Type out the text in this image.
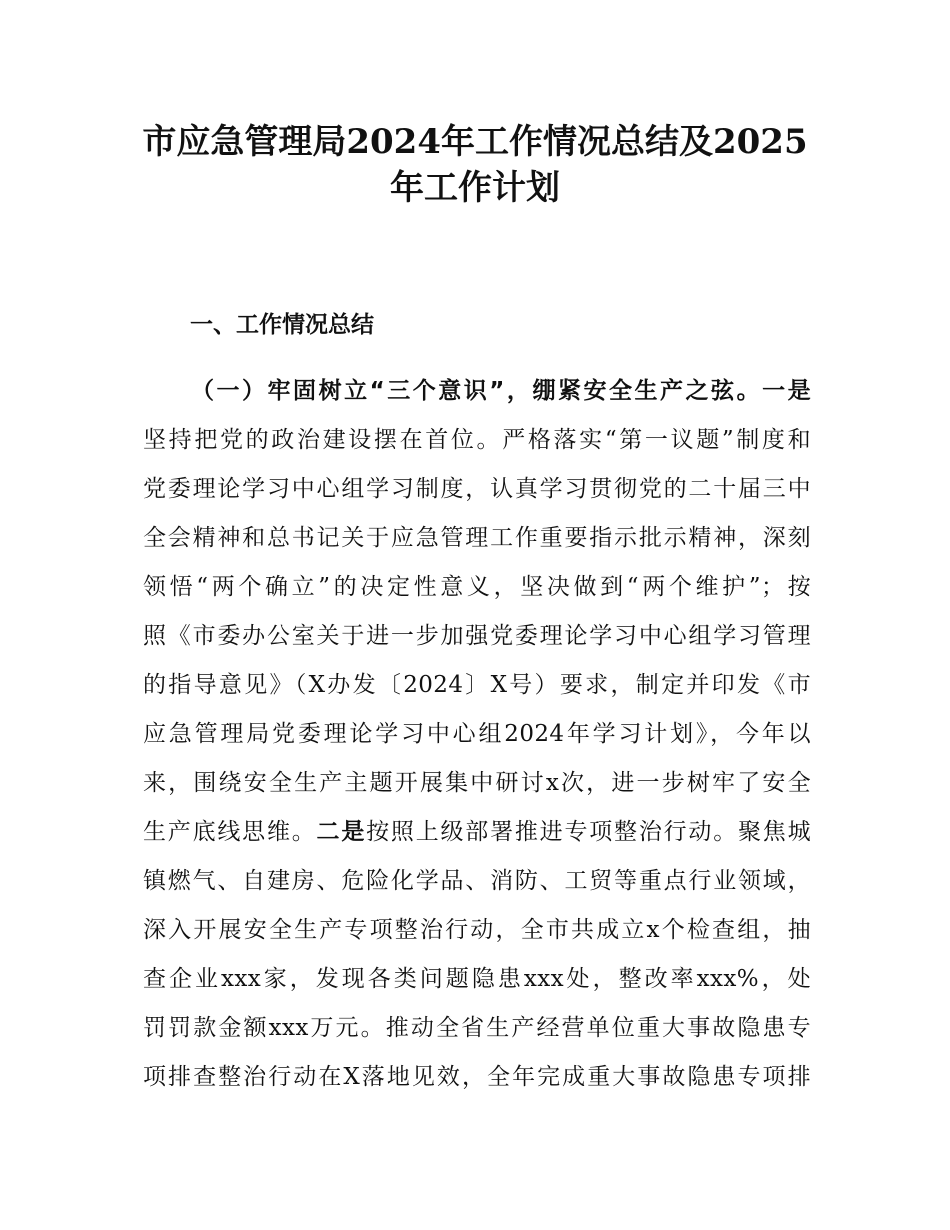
市应急管理局2024年工作情况总结及2025
年工作计划
一、工作情况总结
（一）牢固树立“三个意识”，绷紧安全生产之弦。一是
坚持把党的政治建设摆在首位。严格落实“第一议题”制度和
党委理论学习中心组学习制度，认真学习贯彻党的二十届三中
全会精神和总书记关于应急管理工作重要指示批示精神，深刻
领悟“两个确立”的决定性意义，坚决做到“两个维护”；按
照《市委办公室关于进一步加强党委理论学习中心组学习管理
的指导意见》（X办发〔2024〕X号）要求，制定并印发《市
应急管理局党委理论学习中心组2024年学习计划》，今年以
来，围绕安全生产主题开展集中研讨x次，进一步树牢了安全
生产底线思维。二是按照上级部署推进专项整治行动。聚焦城
镇燃气、自建房、危险化学品、消防、工贸等重点行业领域，
深入开展安全生产专项整治行动，全市共成立x个检查组，抽
查企业xxx家，发现各类问题隐患xxx处，整改率xxx%，处
罚罚款金额xxx万元。推动全省生产经营单位重大事故隐患专
项排查整治行动在X落地见效，全年完成重大事故隐患专项排
